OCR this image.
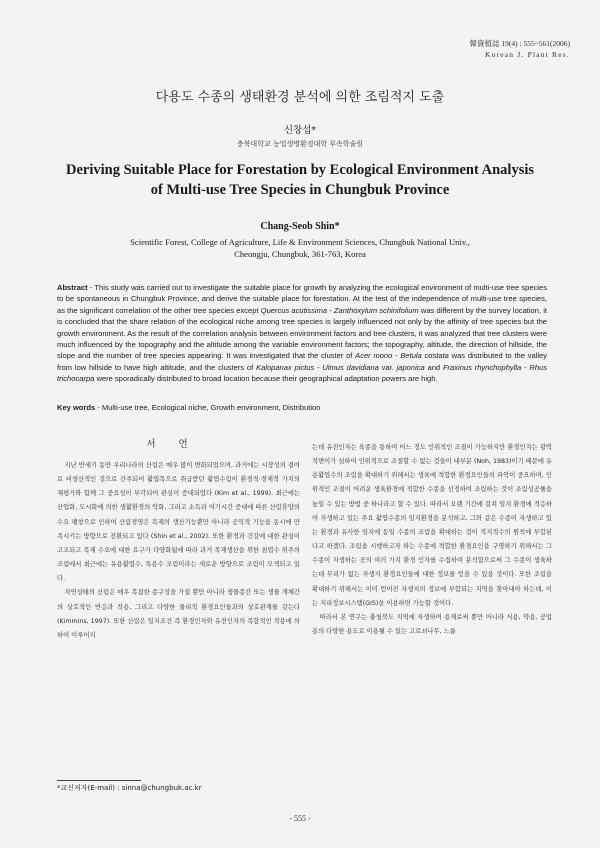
韓資植誌 19(4) : 555~561(2006)
Korean J. Plant Res.
다용도 수종의 생태환경 분석에 의한 조림적지 도출
신창섭*
충북대학교 농업생명환경대학 부속학술림
Deriving Suitable Place for Forestation by Ecological Environment Analysis
of Multi-use Tree Species in Chungbuk Province
Chang-Seob Shin*
Scientific Forest, College of Agriculture, Life & Environment Sciences, Chungbuk National Univ.,
Cheongju, Chungbuk, 361-763, Korea
Abstract - This study was carried out to investigate the suitable place for growth by analyzing the ecological environment of multi-use tree species to be spontaneous in Chungbuk Province, and derive the suitable place for forestation. At the test of the independence of multi-use tree species, as the significant correlation of the other tree species except Quercus acutissima - Zanthoxylum schinifolium was different by the survey location, it is concluded that the share relation of the ecological niche among tree species is largely influenced not only by the affinity of tree species but the growth environment. As the result of the correlation analysis between environment factors and tree clusters, it was analyzed that tree clusters were much influenced by the topography and the altitude among the variable environment factors; the topography, altitude, the direction of hillside, the slope and the number of tree species appearing. It was investigated that the cluster of Acer mono - Betula costata was distributed to the valley from low hillside to have high altitude, and the clusters of Kalopanax pictus - Ulmus davidiana var. japonica and Fraxinus rhynchophylla - Rhus trichocarpa were sporadically distributed to broad location because their geographical adaptation powers are high.
Key words - Multi-use tree, Ecological niche, Growth environment, Distribution
서 언

지난 반세기 동안 우리나라의 산림은 매우 많이 변화되었으며, 과거에는 시장성의 결여로 비생산적인 것으로 간주되어 활엽목으로 취급받던 활엽수림이 환경적·경제적 가치의 재평가와 함께 그 중요성이 부각되어 관심이 증대되었다 (Kim et al., 1999). 최근에는 산업화, 도시화에 의한 생활환경의 악화, 그리고 소득과 여가시간 증대에 따른 산림휴양의 수요 팽창으로 인하여 산림경영은 목재의 생산기능뿐만 아니라 공익적 기능을 동시에 만족시키는 방향으로 전환되고 있다 (Shin et al., 2002). 또한 환경과 건강에 대한 관심이 고조되고 목재 수요에 대한 요구가 다양화됨에 따라 과거 목재생산을 위한 침엽수 위주의 조림에서 최근에는 유용활엽수, 특용수 조림이라는 새로운 방향으로 조림이 모색되고 있다.

자연상태의 산림은 매우 복잡한 종구성을 가질 뿐만 아니라 생물종간 또는 생물 개체간의 상호적인 반응과 작용, 그리고 다양한 물리적 환경요인들과의 상호관계를 갖는다 (Kimmins, 1997). 또한 산림은 일지조건 즉 환경인자와 유전인자의 복합적인 작용에 의하여 이루어지

는데 유전인자는 육종을 통하여 어느 정도 인위적인 조절이 가능하지만 환경인자는 광역적변이가 심하여 인위적으로 조절할 수 없는 것들이 대부분 (Noh, 1983)이기 때문에 유용활엽수의 조림을 확대하기 위해서는 생육에 적합한 환경요인들의 파악이 중요하며, 인위적인 조절이 어려운 생육환경에 적합한 수종을 선정하여 조림하는 것이 조림성공률을 높일 수 있는 방법 중 하나라고 할 수 있다. 따라서 오랜 기간에 걸쳐 임지 환경에 적응하여 자생하고 있는 주요 활엽수종의 임지환경을 분석하고, 그와 같은 수종이 자생하고 있는 환경과 유사한 임지에 동일 수종의 조림을 확대하는 것이 적지적수의 원칙에 부합된다고 하겠다. 조림을 시행하고자 하는 수종에 적합한 환경요인을 구명하기 위해서는 그 수종이 자생하는 곳의 여러 가지 환경 인자를 수집하여 분석함으로써 그 수종이 생육하는데 무리가 없는 자생지 환경요인들에 대한 정보를 얻을 수 있을 것이다. 또한 조림을 확대하기 위해서는 이미 얻어진 자생지의 정보에 부합되는 지역을 찾아내야 하는데, 이는 지리정보시스템(GIS)을 이용하면 가능할 것이다.

따라서 본 연구는 충청북도 지역에 자생하며 용재로써 뿐만 아니라 식용, 약용, 공업용의 다양한 용도로 이용될 수 있는 고로쇠나무, 느릅

*교신저자(E-mail) : sinna@chungbuk.ac.kr
- 555 -
